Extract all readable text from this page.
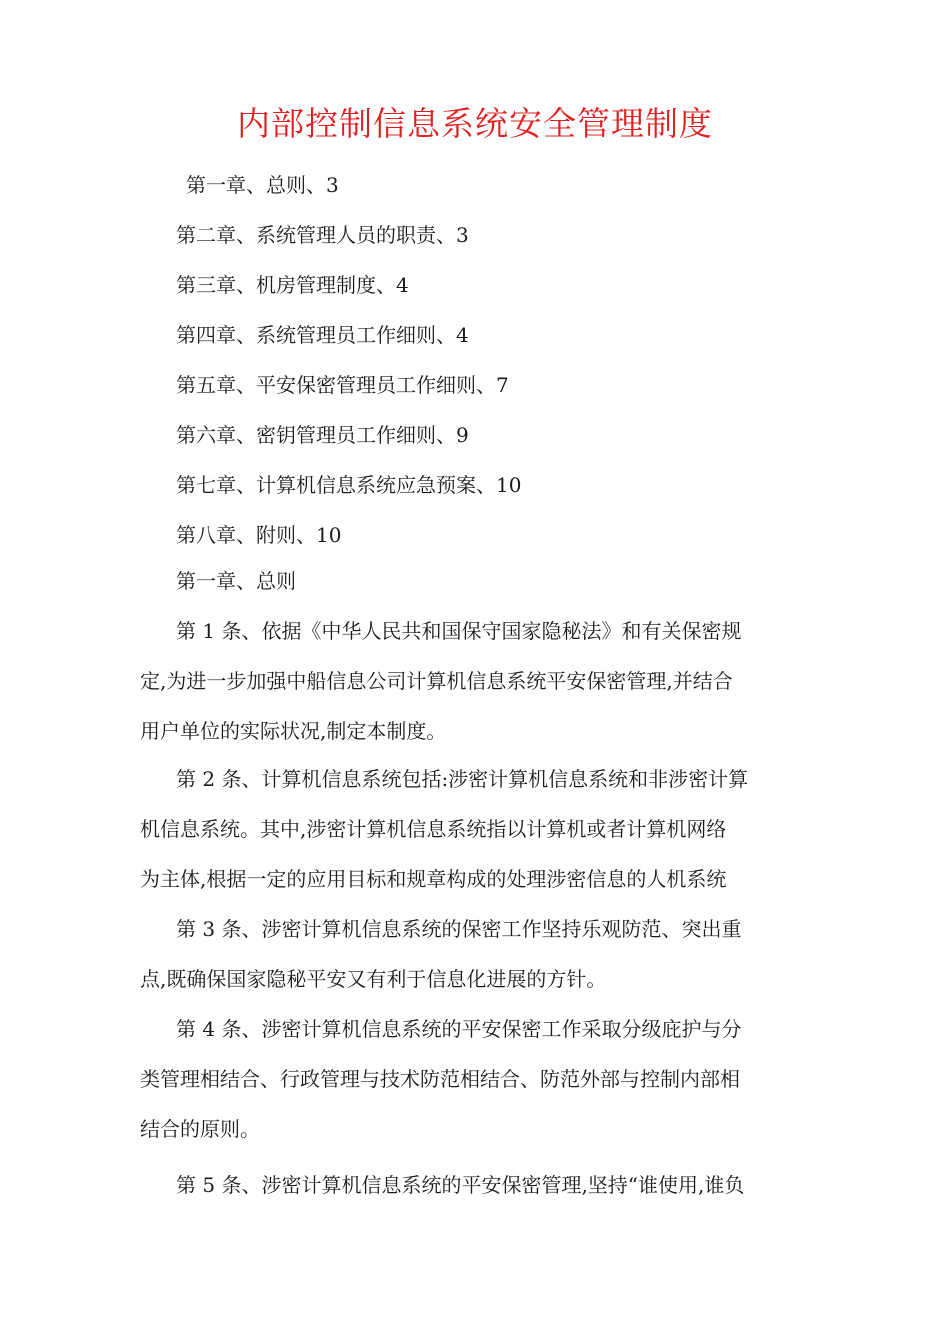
内部控制信息系统安全管理制度
第一章、总则、3
第二章、系统管理人员的职责、3
第三章、机房管理制度、4
第四章、系统管理员工作细则、4
第五章、平安保密管理员工作细则、7
第六章、密钥管理员工作细则、9
第七章、计算机信息系统应急预案、10
第八章、附则、10
第一章、总则
第 1 条、依据《中华人民共和国保守国家隐秘法》和有关保密规
定,为进一步加强中船信息公司计算机信息系统平安保密管理,并结合
用户单位的实际状况,制定本制度。
第 2 条、计算机信息系统包括:涉密计算机信息系统和非涉密计算
机信息系统。其中,涉密计算机信息系统指以计算机或者计算机网络
为主体,根据一定的应用目标和规章构成的处理涉密信息的人机系统
第 3 条、涉密计算机信息系统的保密工作坚持乐观防范、突出重
点,既确保国家隐秘平安又有利于信息化进展的方针。
第 4 条、涉密计算机信息系统的平安保密工作采取分级庇护与分
类管理相结合、行政管理与技术防范相结合、防范外部与控制内部相
结合的原则。
第 5 条、涉密计算机信息系统的平安保密管理,坚持“谁使用,谁负
